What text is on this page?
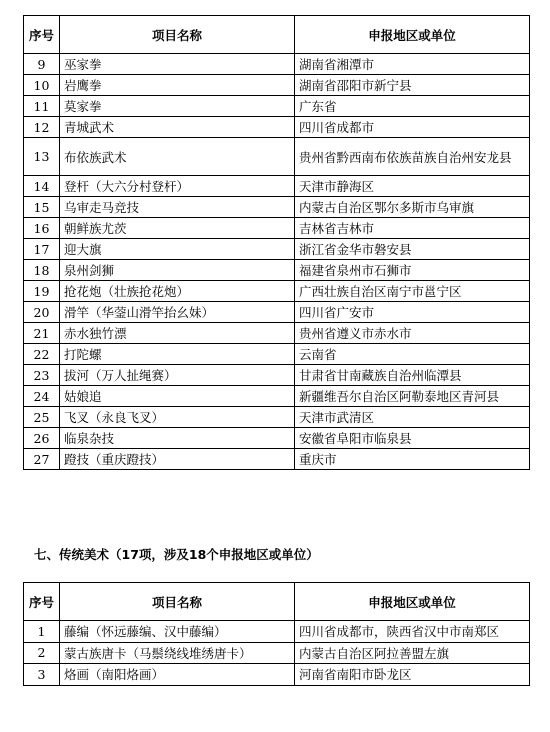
序号	项目名称	申报地区或单位
9	巫家拳	湖南省湘潭市
10	岩鹰拳	湖南省邵阳市新宁县
11	莫家拳	广东省
12	青城武术	四川省成都市
13	布依族武术	贵州省黔西南布依族苗族自治州安龙县
14	登杆（大六分村登杆）	天津市静海区
15	乌审走马竞技	内蒙古自治区鄂尔多斯市乌审旗
16	朝鲜族尤茨	吉林省吉林市
17	迎大旗	浙江省金华市磐安县
18	泉州剑狮	福建省泉州市石狮市
19	抢花炮（壮族抢花炮）	广西壮族自治区南宁市邕宁区
20	滑竿（华蓥山滑竿抬幺妹）	四川省广安市
21	赤水独竹漂	贵州省遵义市赤水市
22	打陀螺	云南省
23	拔河（万人扯绳赛）	甘肃省甘南藏族自治州临潭县
24	姑娘追	新疆维吾尔自治区阿勒泰地区青河县
25	飞叉（永良飞叉）	天津市武清区
26	临泉杂技	安徽省阜阳市临泉县
27	蹬技（重庆蹬技）	重庆市
七、传统美术（17项，涉及18个申报地区或单位）
序号	项目名称	申报地区或单位
1	藤编（怀远藤编、汉中藤编）	四川省成都市，陕西省汉中市南郑区
2	蒙古族唐卡（马鬃绕线堆绣唐卡）	内蒙古自治区阿拉善盟左旗
3	烙画（南阳烙画）	河南省南阳市卧龙区
